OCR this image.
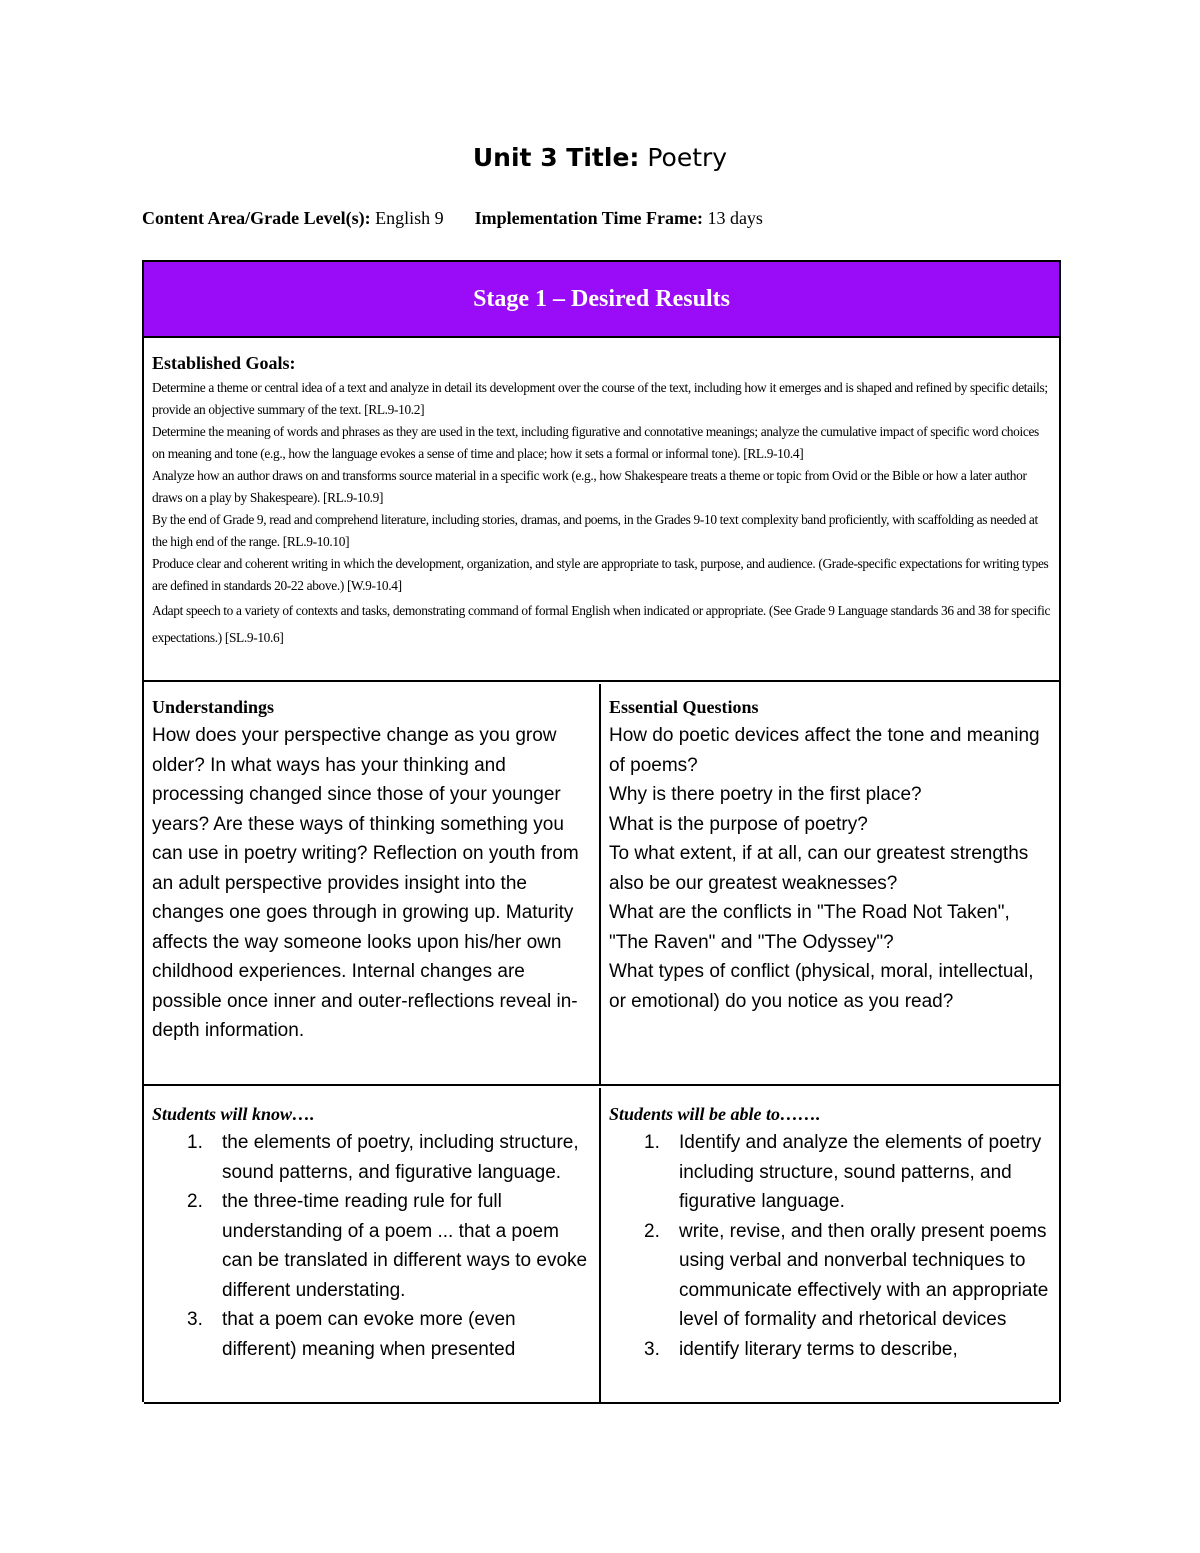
Unit 3 Title: Poetry
Content Area/Grade Level(s): English 9 Implementation Time Frame: 13 days
Stage 1 – Desired Results
Established Goals:

Determine a theme or central idea of a text and analyze in detail its development over the course of the text, including how it emerges and is shaped and refined by specific details; provide an objective summary of the text. [RL.9-10.2]

Determine the meaning of words and phrases as they are used in the text, including figurative and connotative meanings; analyze the cumulative impact of specific word choices on meaning and tone (e.g., how the language evokes a sense of time and place; how it sets a formal or informal tone). [RL.9-10.4]

Analyze how an author draws on and transforms source material in a specific work (e.g., how Shakespeare treats a theme or topic from Ovid or the Bible or how a later author draws on a play by Shakespeare). [RL.9-10.9]

By the end of Grade 9, read and comprehend literature, including stories, dramas, and poems, in the Grades 9-10 text complexity band proficiently, with scaffolding as needed at the high end of the range. [RL.9-10.10]

Produce clear and coherent writing in which the development, organization, and style are appropriate to task, purpose, and audience. (Grade-specific expectations for writing types are defined in standards 20-22 above.) [W.9-10.4]

Adapt speech to a variety of contexts and tasks, demonstrating command of formal English when indicated or appropriate. (See Grade 9 Language standards 36 and 38 for specific expectations.) [SL.9-10.6]

Understandings
How does your perspective change as you grow older? In what ways has your thinking and processing changed since those of your younger years? Are these ways of thinking something you can use in poetry writing? Reflection on youth from an adult perspective provides insight into the changes one goes through in growing up. Maturity affects the way someone looks upon his/her own childhood experiences. Internal changes are possible once inner and outer-reflections reveal in-depth information.
Essential Questions
How do poetic devices affect the tone and meaning of poems?
Why is there poetry in the first place?
What is the purpose of poetry?
To what extent, if at all, can our greatest strengths also be our greatest weaknesses?
What are the conflicts in "The Road Not Taken", "The Raven" and "The Odyssey"?
What types of conflict (physical, moral, intellectual, or emotional) do you notice as you read?
Students will know….
1. the elements of poetry, including structure, sound patterns, and figurative language.
2. the three-time reading rule for full understanding of a poem ... that a poem can be translated in different ways to evoke different understating.
3. that a poem can evoke more (even different) meaning when presented
Students will be able to…….
1. Identify and analyze the elements of poetry including structure, sound patterns, and figurative language.
2. write, revise, and then orally present poems using verbal and nonverbal techniques to communicate effectively with an appropriate level of formality and rhetorical devices
3. identify literary terms to describe,
